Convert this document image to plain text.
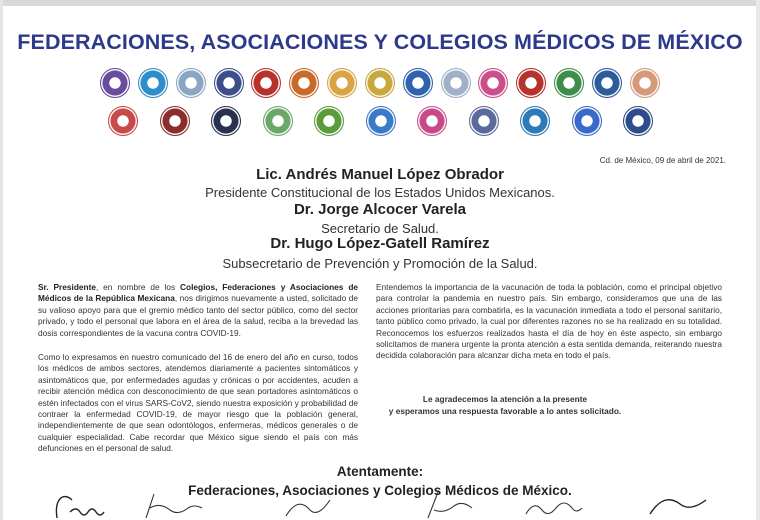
FEDERACIONES, ASOCIACIONES Y COLEGIOS MÉDICOS DE MÉXICO
Cd. de México, 09 de abril de 2021.
Lic. Andrés Manuel López Obrador
Presidente Constitucional de los Estados Unidos Mexicanos.
Dr. Jorge Alcocer Varela
Secretario de Salud.
Dr. Hugo López-Gatell Ramírez
Subsecretario de Prevención y Promoción de la Salud.
Sr. Presidente, en nombre de los Colegios, Federaciones y Asociaciones de Médicos de la República Mexicana, nos dirigimos nuevamente a usted, solicitado de su valioso apoyo para que el gremio médico tanto del sector público, como del sector privado, y todo el personal que labora en el área de la salud, reciba a la brevedad las dosis correspondientes de la vacuna contra COVID-19.
Como lo expresamos en nuestro comunicado del 16 de enero del año en curso, todos los médicos de ambos sectores, atendemos diariamente a pacientes sintomáticos y asintomáticos que, por enfermedades agudas y crónicas o por accidentes, acuden a recibir atención médica con desconocimiento de que sean portadores asintomáticos o estén infectados con el virus SARS-CoV2, siendo nuestra exposición y probabilidad de contraer la enfermedad COVID-19, de mayor riesgo que la población general, independientemente de que sean odontólogos, enfermeras, médicos generales o de cualquier especialidad. Cabe recordar que México sigue siendo el país con más defunciones en el personal de salud.
Entendemos la importancia de la vacunación de toda la población, como el principal objetivo para controlar la pandemia en nuestro país. Sin embargo, consideramos que una de las acciones prioritarias para combatirla, es la vacunación inmediata a todo el personal sanitario, tanto público como privado, la cual por diferentes razones no se ha realizado en su totalidad. Reconocemos los esfuerzos realizados hasta el día de hoy en éste aspecto, sin embargo solicitamos de manera urgente la pronta atención a esta sentida demanda, reiterando nuestra decidida colaboración para alcanzar dicha meta en todo el país.
Le agradecemos la atención a la presente
y esperamos una respuesta favorable a lo antes solicitado.
Atentamente:
Federaciones, Asociaciones y Colegios Médicos de México.
